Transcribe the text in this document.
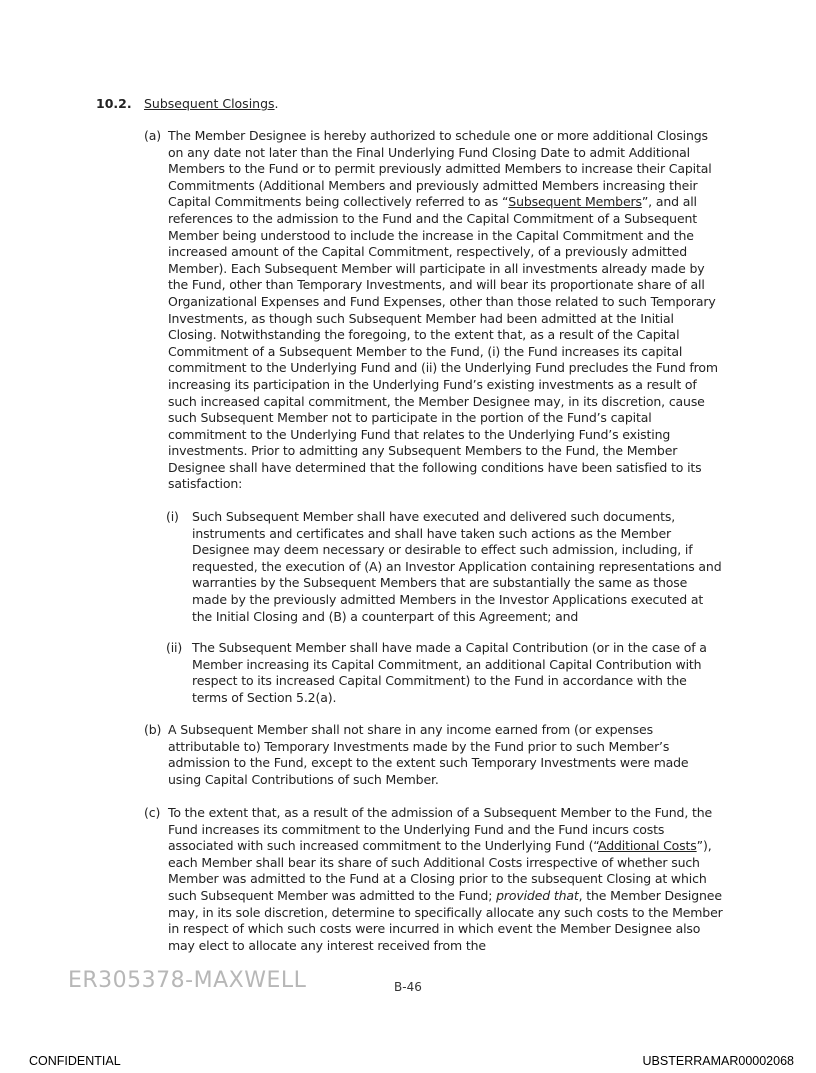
10.2. Subsequent Closings.
(a) The Member Designee is hereby authorized to schedule one or more additional Closings on any date not later than the Final Underlying Fund Closing Date to admit Additional Members to the Fund or to permit previously admitted Members to increase their Capital Commitments (Additional Members and previously admitted Members increasing their Capital Commitments being collectively referred to as “Subsequent Members”, and all references to the admission to the Fund and the Capital Commitment of a Subsequent Member being understood to include the increase in the Capital Commitment and the increased amount of the Capital Commitment, respectively, of a previously admitted Member). Each Subsequent Member will participate in all investments already made by the Fund, other than Temporary Investments, and will bear its proportionate share of all Organizational Expenses and Fund Expenses, other than those related to such Temporary Investments, as though such Subsequent Member had been admitted at the Initial Closing. Notwithstanding the foregoing, to the extent that, as a result of the Capital Commitment of a Subsequent Member to the Fund, (i) the Fund increases its capital commitment to the Underlying Fund and (ii) the Underlying Fund precludes the Fund from increasing its participation in the Underlying Fund’s existing investments as a result of such increased capital commitment, the Member Designee may, in its discretion, cause such Subsequent Member not to participate in the portion of the Fund’s capital commitment to the Underlying Fund that relates to the Underlying Fund’s existing investments. Prior to admitting any Subsequent Members to the Fund, the Member Designee shall have determined that the following conditions have been satisfied to its satisfaction:
(i) Such Subsequent Member shall have executed and delivered such documents, instruments and certificates and shall have taken such actions as the Member Designee may deem necessary or desirable to effect such admission, including, if requested, the execution of (A) an Investor Application containing representations and warranties by the Subsequent Members that are substantially the same as those made by the previously admitted Members in the Investor Applications executed at the Initial Closing and (B) a counterpart of this Agreement; and
(ii) The Subsequent Member shall have made a Capital Contribution (or in the case of a Member increasing its Capital Commitment, an additional Capital Contribution with respect to its increased Capital Commitment) to the Fund in accordance with the terms of Section 5.2(a).
(b) A Subsequent Member shall not share in any income earned from (or expenses attributable to) Temporary Investments made by the Fund prior to such Member’s admission to the Fund, except to the extent such Temporary Investments were made using Capital Contributions of such Member.
(c) To the extent that, as a result of the admission of a Subsequent Member to the Fund, the Fund increases its commitment to the Underlying Fund and the Fund incurs costs associated with such increased commitment to the Underlying Fund (“Additional Costs”), each Member shall bear its share of such Additional Costs irrespective of whether such Member was admitted to the Fund at a Closing prior to the subsequent Closing at which such Subsequent Member was admitted to the Fund; provided that, the Member Designee may, in its sole discretion, determine to specifically allocate any such costs to the Member in respect of which such costs were incurred in which event the Member Designee also may elect to allocate any interest received from the
ER305378-MAXWELL	B-46
CONFIDENTIAL	UBSTERRAMAR00002068
